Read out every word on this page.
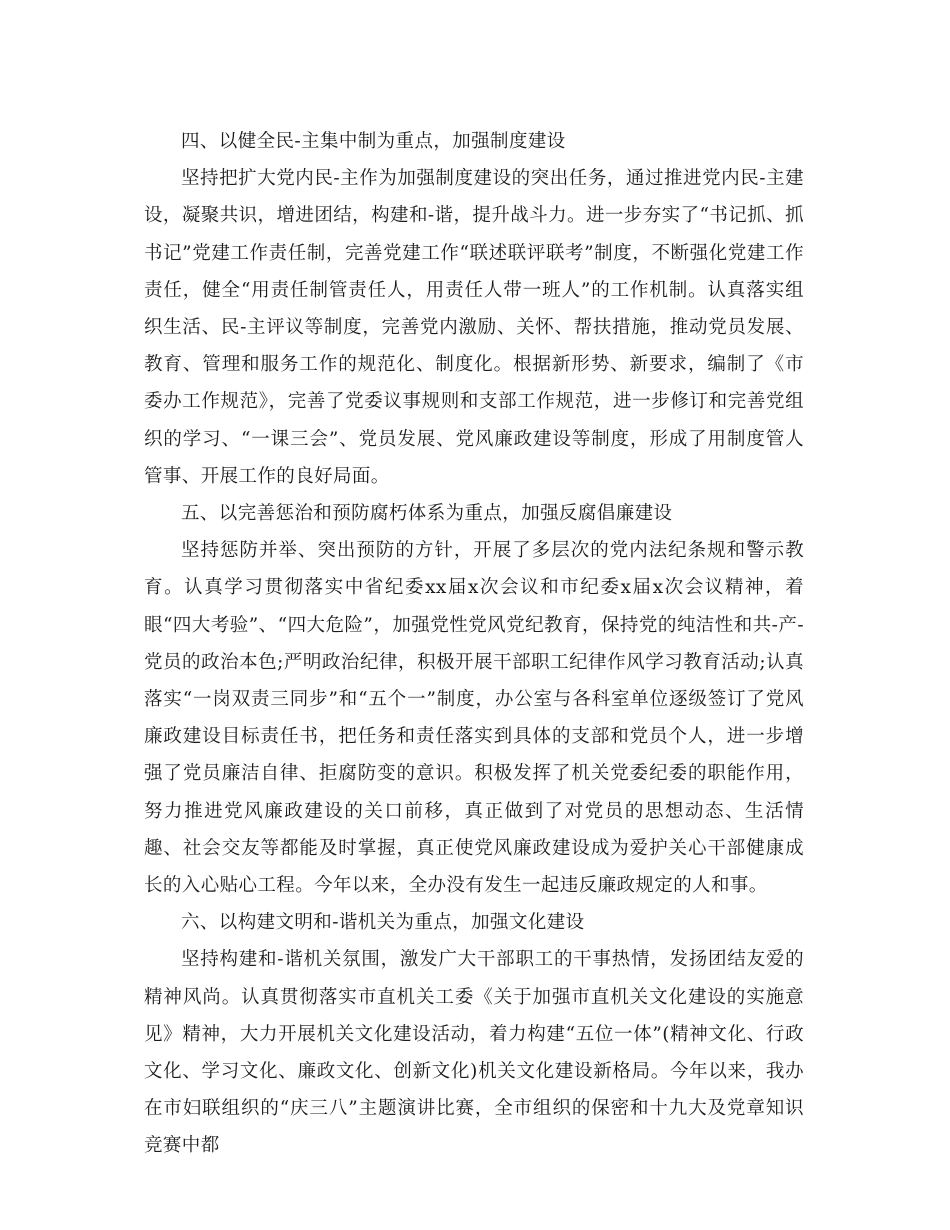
四、以健全民-主集中制为重点，加强制度建设

坚持把扩大党内民-主作为加强制度建设的突出任务，通过推进党内民-主建设，凝聚共识，增进团结，构建和-谐，提升战斗力。进一步夯实了“书记抓、抓书记”党建工作责任制，完善党建工作“联述联评联考”制度，不断强化党建工作责任，健全“用责任制管责任人，用责任人带一班人”的工作机制。认真落实组织生活、民-主评议等制度，完善党内激励、关怀、帮扶措施，推动党员发展、教育、管理和服务工作的规范化、制度化。根据新形势、新要求，编制了《市委办工作规范》，完善了党委议事规则和支部工作规范，进一步修订和完善党组织的学习、“一课三会”、党员发展、党风廉政建设等制度，形成了用制度管人管事、开展工作的良好局面。

五、以完善惩治和预防腐朽体系为重点，加强反腐倡廉建设

坚持惩防并举、突出预防的方针，开展了多层次的党内法纪条规和警示教育。认真学习贯彻落实中省纪委xx届x次会议和市纪委x届x次会议精神，着眼“四大考验”、“四大危险”，加强党性党风党纪教育，保持党的纯洁性和共-产-党员的政治本色;严明政治纪律，积极开展干部职工纪律作风学习教育活动;认真落实“一岗双责三同步”和“五个一”制度，办公室与各科室单位逐级签订了党风廉政建设目标责任书，把任务和责任落实到具体的支部和党员个人，进一步增强了党员廉洁自律、拒腐防变的意识。积极发挥了机关党委纪委的职能作用，努力推进党风廉政建设的关口前移，真正做到了对党员的思想动态、生活情趣、社会交友等都能及时掌握，真正使党风廉政建设成为爱护关心干部健康成长的入心贴心工程。今年以来，全办没有发生一起违反廉政规定的人和事。

六、以构建文明和-谐机关为重点，加强文化建设

坚持构建和-谐机关氛围，激发广大干部职工的干事热情，发扬团结友爱的精神风尚。认真贯彻落实市直机关工委《关于加强市直机关文化建设的实施意见》精神，大力开展机关文化建设活动，着力构建“五位一体”(精神文化、行政文化、学习文化、廉政文化、创新文化)机关文化建设新格局。今年以来，我办在市妇联组织的“庆三八”主题演讲比赛，全市组织的保密和十九大及党章知识竞赛中都
